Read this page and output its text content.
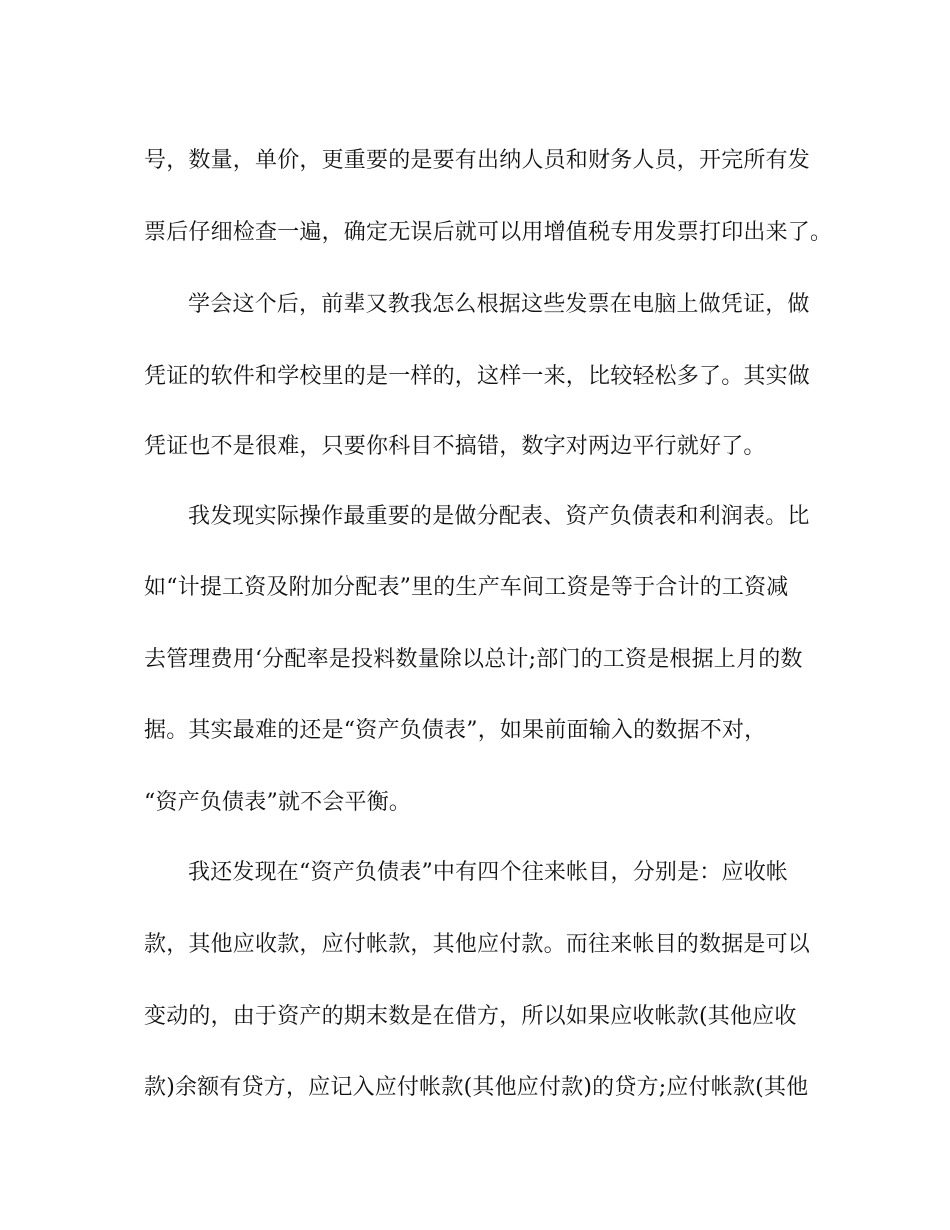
号，数量，单价，更重要的是要有出纳人员和财务人员，开完所有发
票后仔细检查一遍，确定无误后就可以用增值税专用发票打印出来了。
学会这个后，前辈又教我怎么根据这些发票在电脑上做凭证，做
凭证的软件和学校里的是一样的，这样一来，比较轻松多了。其实做
凭证也不是很难，只要你科目不搞错，数字对两边平行就好了。
我发现实际操作最重要的是做分配表、资产负债表和利润表。比
如“计提工资及附加分配表”里的生产车间工资是等于合计的工资减
去管理费用‘分配率是投料数量除以总计;部门的工资是根据上月的数
据。其实最难的还是“资产负债表”，如果前面输入的数据不对，
“资产负债表”就不会平衡。
我还发现在“资产负债表”中有四个往来帐目，分别是：应收帐
款，其他应收款，应付帐款，其他应付款。而往来帐目的数据是可以
变动的，由于资产的期末数是在借方，所以如果应收帐款(其他应收
款)余额有贷方，应记入应付帐款(其他应付款)的贷方;应付帐款(其他
